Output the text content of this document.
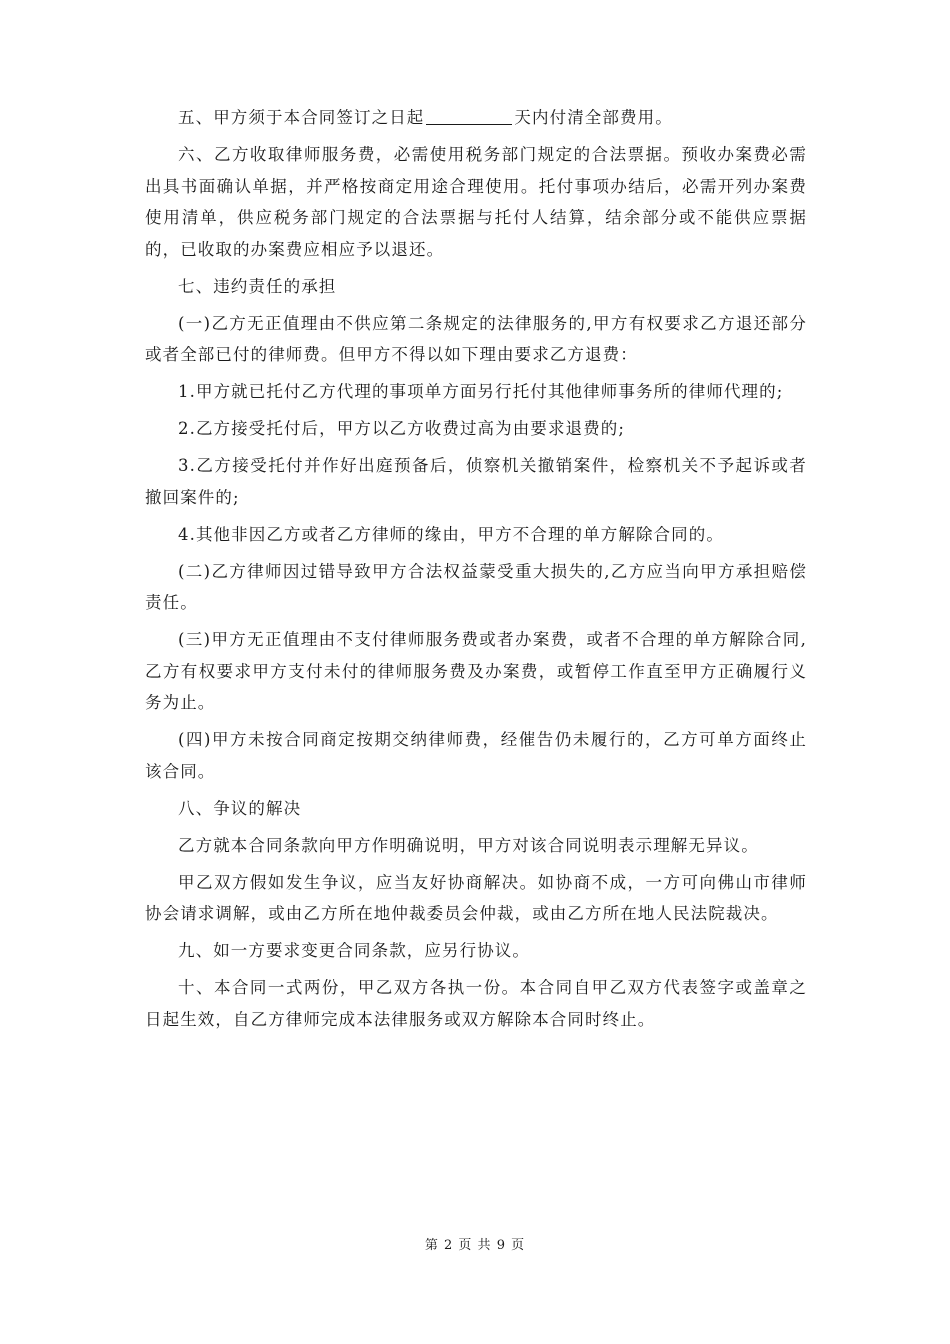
五、甲方须于本合同签订之日起	天内付清全部费用。

六、乙方收取律师服务费，必需使用税务部门规定的合法票据。预收办案费必需出具书面确认单据，并严格按商定用途合理使用。托付事项办结后，必需开列办案费使用清单，供应税务部门规定的合法票据与托付人结算，结余部分或不能供应票据的，已收取的办案费应相应予以退还。

七、违约责任的承担

(一)乙方无正值理由不供应第二条规定的法律服务的,甲方有权要求乙方退还部分或者全部已付的律师费。但甲方不得以如下理由要求乙方退费：

1.甲方就已托付乙方代理的事项单方面另行托付其他律师事务所的律师代理的;

2.乙方接受托付后，甲方以乙方收费过高为由要求退费的;

3.乙方接受托付并作好出庭预备后，侦察机关撤销案件，检察机关不予起诉或者撤回案件的;

4.其他非因乙方或者乙方律师的缘由，甲方不合理的单方解除合同的。

(二)乙方律师因过错导致甲方合法权益蒙受重大损失的,乙方应当向甲方承担赔偿责任。

(三)甲方无正值理由不支付律师服务费或者办案费，或者不合理的单方解除合同,乙方有权要求甲方支付未付的律师服务费及办案费，或暂停工作直至甲方正确履行义务为止。

(四)甲方未按合同商定按期交纳律师费，经催告仍未履行的，乙方可单方面终止该合同。

八、争议的解决

乙方就本合同条款向甲方作明确说明，甲方对该合同说明表示理解无异议。

甲乙双方假如发生争议，应当友好协商解决。如协商不成，一方可向佛山市律师协会请求调解，或由乙方所在地仲裁委员会仲裁，或由乙方所在地人民法院裁决。

九、如一方要求变更合同条款，应另行协议。

十、本合同一式两份，甲乙双方各执一份。本合同自甲乙双方代表签字或盖章之日起生效，自乙方律师完成本法律服务或双方解除本合同时终止。

第 2 页 共 9 页
